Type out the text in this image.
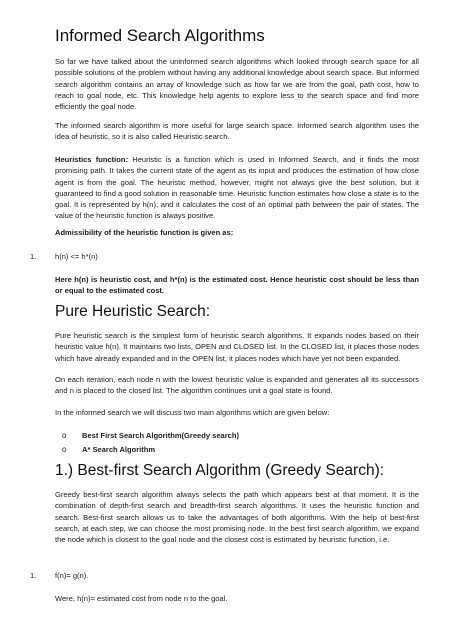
Informed Search Algorithms
So far we have talked about the uninformed search algorithms which looked through search space for all possible solutions of the problem without having any additional knowledge about search space. But informed search algorithm contains an array of knowledge such as how far we are from the goal, path cost, how to reach to goal node, etc. This knowledge help agents to explore less to the search space and find more efficiently the goal node.
The informed search algorithm is more useful for large search space. Informed search algorithm uses the idea of heuristic, so it is also called Heuristic search.
Heuristics function: Heuristic is a function which is used in Informed Search, and it finds the most promising path. It takes the current state of the agent as its input and produces the estimation of how close agent is from the goal. The heuristic method, however, might not always give the best solution, but it guaranteed to find a good solution in reasonable time. Heuristic function estimates how close a state is to the goal. It is represented by h(n), and it calculates the cost of an optimal path between the pair of states. The value of the heuristic function is always positive.
Admissibility of the heuristic function is given as:
1. h(n) <= h*(n)
Here h(n) is heuristic cost, and h*(n) is the estimated cost. Hence heuristic cost should be less than or equal to the estimated cost.
Pure Heuristic Search:
Pure heuristic search is the simplest form of heuristic search algorithms. It expands nodes based on their heuristic value h(n). It maintains two lists, OPEN and CLOSED list. In the CLOSED list, it places those nodes which have already expanded and in the OPEN list, it places nodes which have yet not been expanded.
On each iteration, each node n with the lowest heuristic value is expanded and generates all its successors and n is placed to the closed list. The algorithm continues unit a goal state is found.
In the informed search we will discuss two main algorithms which are given below:
o Best First Search Algorithm(Greedy search)
o A* Search Algorithm
1.) Best-first Search Algorithm (Greedy Search):
Greedy best-first search algorithm always selects the path which appears best at that moment. It is the combination of depth-first search and breadth-first search algorithms. It uses the heuristic function and search. Best-first search allows us to take the advantages of both algorithms. With the help of best-first search, at each step, we can choose the most promising node. In the best first search algorithm, we expand the node which is closest to the goal node and the closest cost is estimated by heuristic function, i.e.
1. f(n)= g(n).
Were, h(n)= estimated cost from node n to the goal.
